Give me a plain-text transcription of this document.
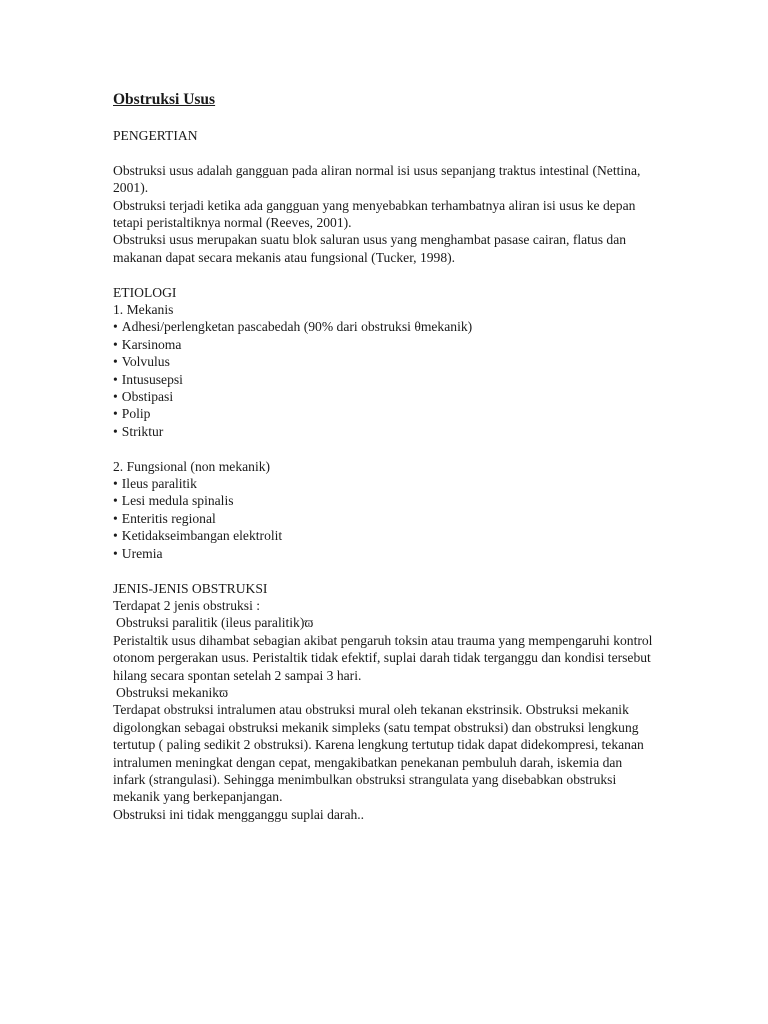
Obstruksi Usus
PENGERTIAN

Obstruksi usus adalah gangguan pada aliran normal isi usus sepanjang traktus intestinal (Nettina, 2001).

Obstruksi terjadi ketika ada gangguan yang menyebabkan terhambatnya aliran isi usus ke depan tetapi peristaltiknya normal (Reeves, 2001).

Obstruksi usus merupakan suatu blok saluran usus yang menghambat pasase cairan, flatus dan makanan dapat secara mekanis atau fungsional (Tucker, 1998).

ETIOLOGI
1. Mekanis
• Adhesi/perlengketan pascabedah (90% dari obstruksi θmekanik)
• Karsinoma
• Volvulus
• Intususepsi
• Obstipasi
• Polip
• Striktur
2. Fungsional (non mekanik)
• Ileus paralitik
• Lesi medula spinalis
• Enteritis regional
• Ketidakseimbangan elektrolit
• Uremia
JENIS-JENIS OBSTRUKSI
Terdapat 2 jenis obstruksi :
Obstruksi paralitik (ileus paralitik)ϖ

Peristaltik usus dihambat sebagian akibat pengaruh toksin atau trauma yang mempengaruhi kontrol otonom pergerakan usus. Peristaltik tidak efektif, suplai darah tidak terganggu dan kondisi tersebut hilang secara spontan setelah 2 sampai 3 hari.

Obstruksi mekanikϖ

Terdapat obstruksi intralumen atau obstruksi mural oleh tekanan ekstrinsik. Obstruksi mekanik digolongkan sebagai obstruksi mekanik simpleks (satu tempat obstruksi) dan obstruksi lengkung tertutup ( paling sedikit 2 obstruksi). Karena lengkung tertutup tidak dapat didekompresi, tekanan intralumen meningkat dengan cepat, mengakibatkan penekanan pembuluh darah, iskemia dan infark (strangulasi). Sehingga menimbulkan obstruksi strangulata yang disebabkan obstruksi mekanik yang berkepanjangan.

Obstruksi ini tidak mengganggu suplai darah..
